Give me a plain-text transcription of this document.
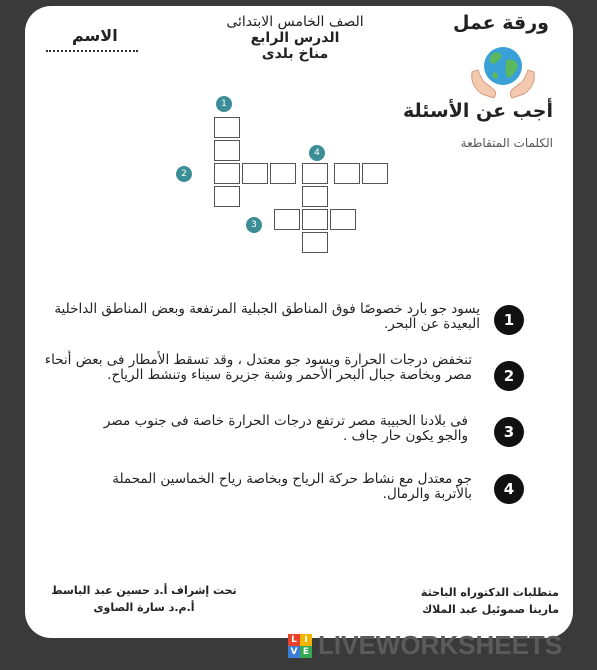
ورقة عمل
الصف الخامس الابتدائى
الدرس الرابع
مناخ بلدى
الاسم
أجب عن الأسئلة
الكلمات المتقاطعة
1
2
3
4
1
يسود جو بارد خصوصًا فوق المناطق الجبلية المرتفعة وبعض المناطق الداخلية البعيدة عن البحر.
2
تنخفض درجات الحرارة ويسود جو معتدل ، وقد تسقط الأمطار فى بعض أنحاء مصر وبخاصة جبال البحر الأحمر وشبة جزيرة سيناء وتنشط الرياح.
3
فى بلادنا الحبيبة مصر ترتفع درجات الحرارة خاصة فى جنوب مصر والجو يكون حار جاف .
4
جو معتدل مع نشاط حركة الرياح وبخاصة رياح الخماسين المحملة بالأتربة والرمال.
متطلبات الدكتوراه الباحثة
مارينا صموئيل عبد الملاك
تحت إشراف أ.د حسين عبد الباسط
أ.م.د سارة الصاوى
L I
V E LIVEWORKSHEETS
